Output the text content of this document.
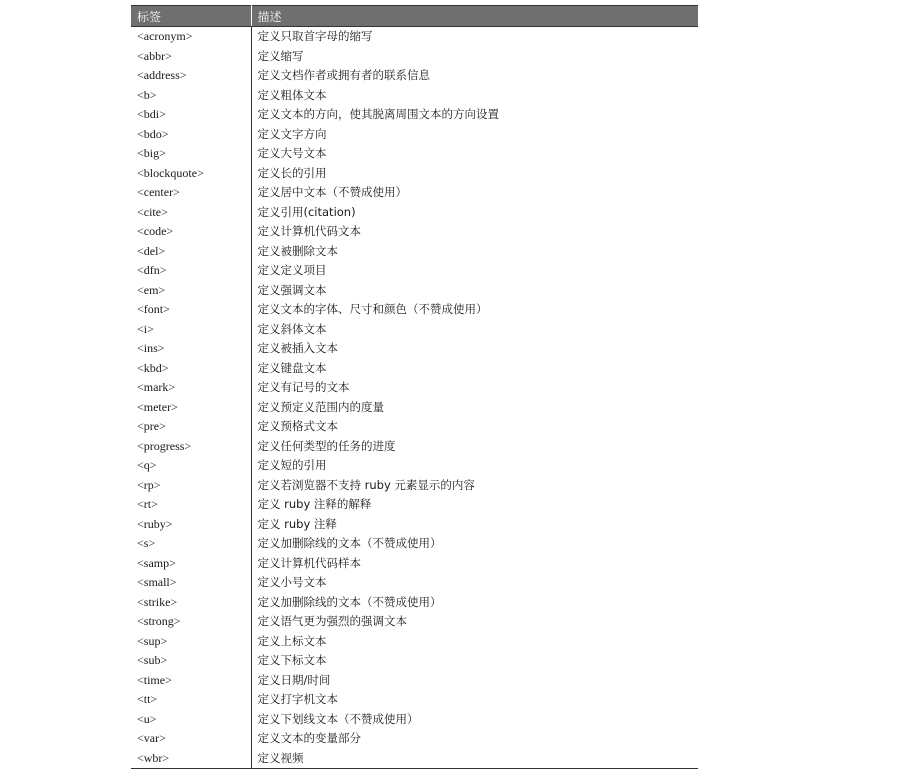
标签	描述
<acronym>	定义只取首字母的缩写
<abbr>	定义缩写
<address>	定义文档作者或拥有者的联系信息
<b>	定义粗体文本
<bdi>	定义文本的方向，使其脱离周围文本的方向设置
<bdo>	定义文字方向
<big>	定义大号文本
<blockquote>	定义长的引用
<center>	定义居中文本（不赞成使用）
<cite>	定义引用(citation)
<code>	定义计算机代码文本
<del>	定义被删除文本
<dfn>	定义定义项目
<em>	定义强调文本
<font>	定义文本的字体、尺寸和颜色（不赞成使用）
<i>	定义斜体文本
<ins>	定义被插入文本
<kbd>	定义键盘文本
<mark>	定义有记号的文本
<meter>	定义预定义范围内的度量
<pre>	定义预格式文本
<progress>	定义任何类型的任务的进度
<q>	定义短的引用
<rp>	定义若浏览器不支持 ruby 元素显示的内容
<rt>	定义 ruby 注释的解释
<ruby>	定义 ruby 注释
<s>	定义加删除线的文本（不赞成使用）
<samp>	定义计算机代码样本
<small>	定义小号文本
<strike>	定义加删除线的文本（不赞成使用）
<strong>	定义语气更为强烈的强调文本
<sup>	定义上标文本
<sub>	定义下标文本
<time>	定义日期/时间
<tt>	定义打字机文本
<u>	定义下划线文本（不赞成使用）
<var>	定义文本的变量部分
<wbr>	定义视频
